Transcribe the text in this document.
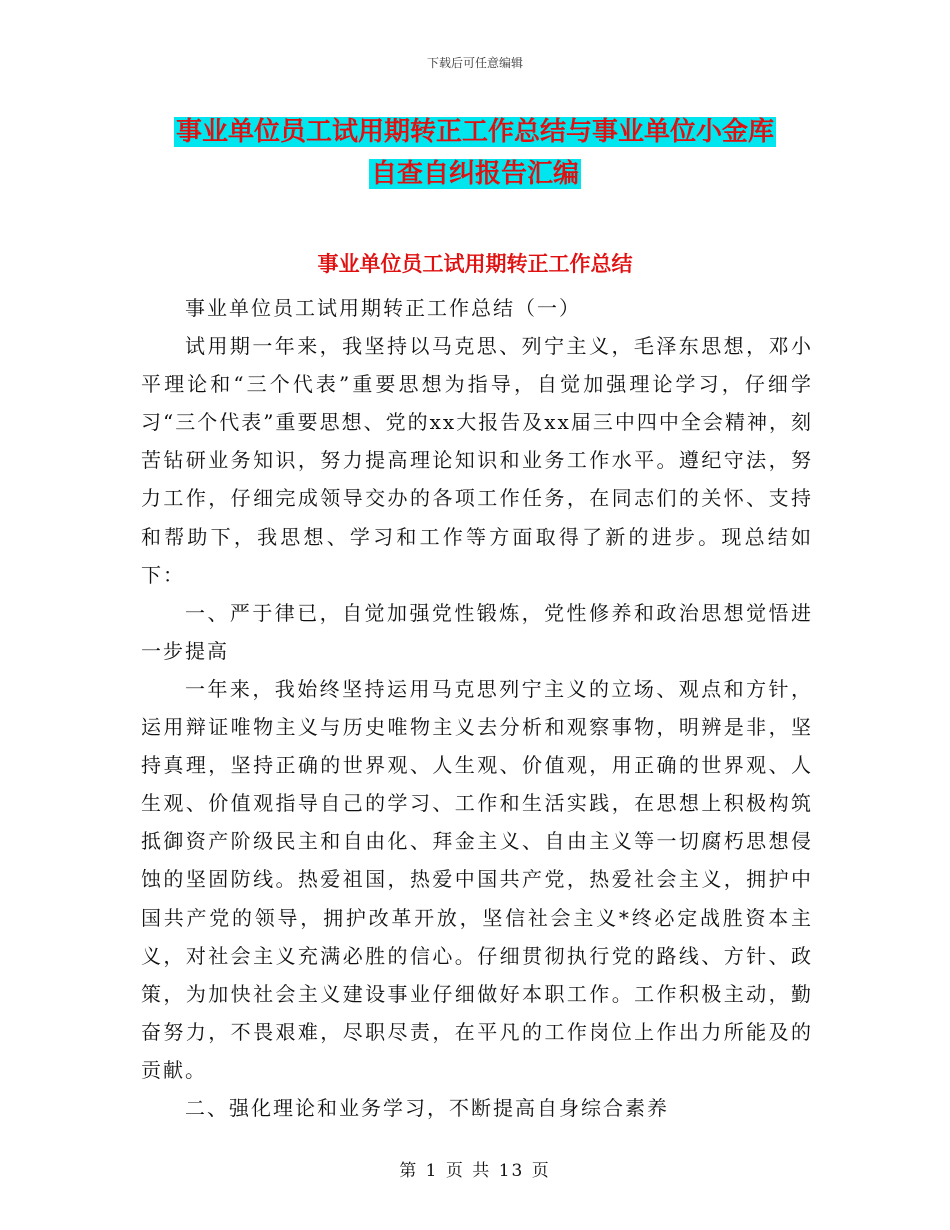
下载后可任意编辑
事业单位员工试用期转正工作总结与事业单位小金库
自查自纠报告汇编
事业单位员工试用期转正工作总结

事业单位员工试用期转正工作总结（一）

试用期一年来，我坚持以马克思、列宁主义，毛泽东思想，邓小平理论和“三个代表”重要思想为指导，自觉加强理论学习，仔细学习“三个代表”重要思想、党的xx大报告及xx届三中四中全会精神，刻苦钻研业务知识，努力提高理论知识和业务工作水平。遵纪守法，努力工作，仔细完成领导交办的各项工作任务，在同志们的关怀、支持和帮助下，我思想、学习和工作等方面取得了新的进步。现总结如下：

一、严于律已，自觉加强党性锻炼，党性修养和政治思想觉悟进一步提高

一年来，我始终坚持运用马克思列宁主义的立场、观点和方针，运用辩证唯物主义与历史唯物主义去分析和观察事物，明辨是非，坚持真理，坚持正确的世界观、人生观、价值观，用正确的世界观、人生观、价值观指导自己的学习、工作和生活实践，在思想上积极构筑抵御资产阶级民主和自由化、拜金主义、自由主义等一切腐朽思想侵蚀的坚固防线。热爱祖国，热爱中国共产党，热爱社会主义，拥护中国共产党的领导，拥护改革开放，坚信社会主义*终必定战胜资本主义，对社会主义充满必胜的信心。仔细贯彻执行党的路线、方针、政策，为加快社会主义建设事业仔细做好本职工作。工作积极主动，勤奋努力，不畏艰难，尽职尽责，在平凡的工作岗位上作出力所能及的贡献。

二、强化理论和业务学习，不断提高自身综合素养

第 1 页 共 13 页
